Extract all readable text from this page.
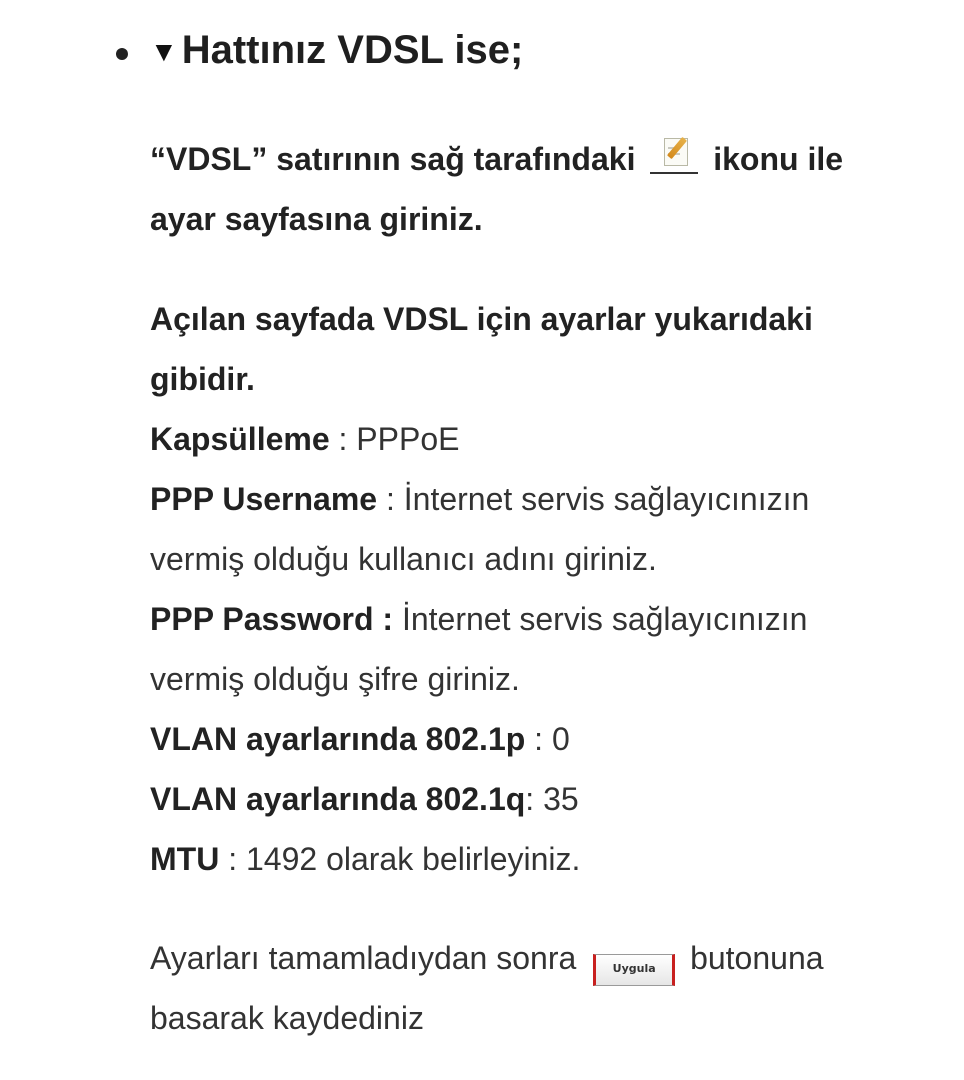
▼ Hattınız VDSL ise;
“VDSL” satırının sağ tarafındaki ikonu ile
ayar sayfasına giriniz.
Açılan sayfada VDSL için ayarlar yukarıdaki
gibidir.
Kapsülleme : PPPoE
PPP Username : İnternet servis sağlayıcınızın
vermiş olduğu kullanıcı adını giriniz.
PPP Password : İnternet servis sağlayıcınızın
vermiş olduğu şifre giriniz.
VLAN ayarlarında 802.1p : 0
VLAN ayarlarında 802.1q: 35
MTU : 1492 olarak belirleyiniz.
Ayarları tamamladıydan sonra	Uygula butonuna
basarak kaydediniz
